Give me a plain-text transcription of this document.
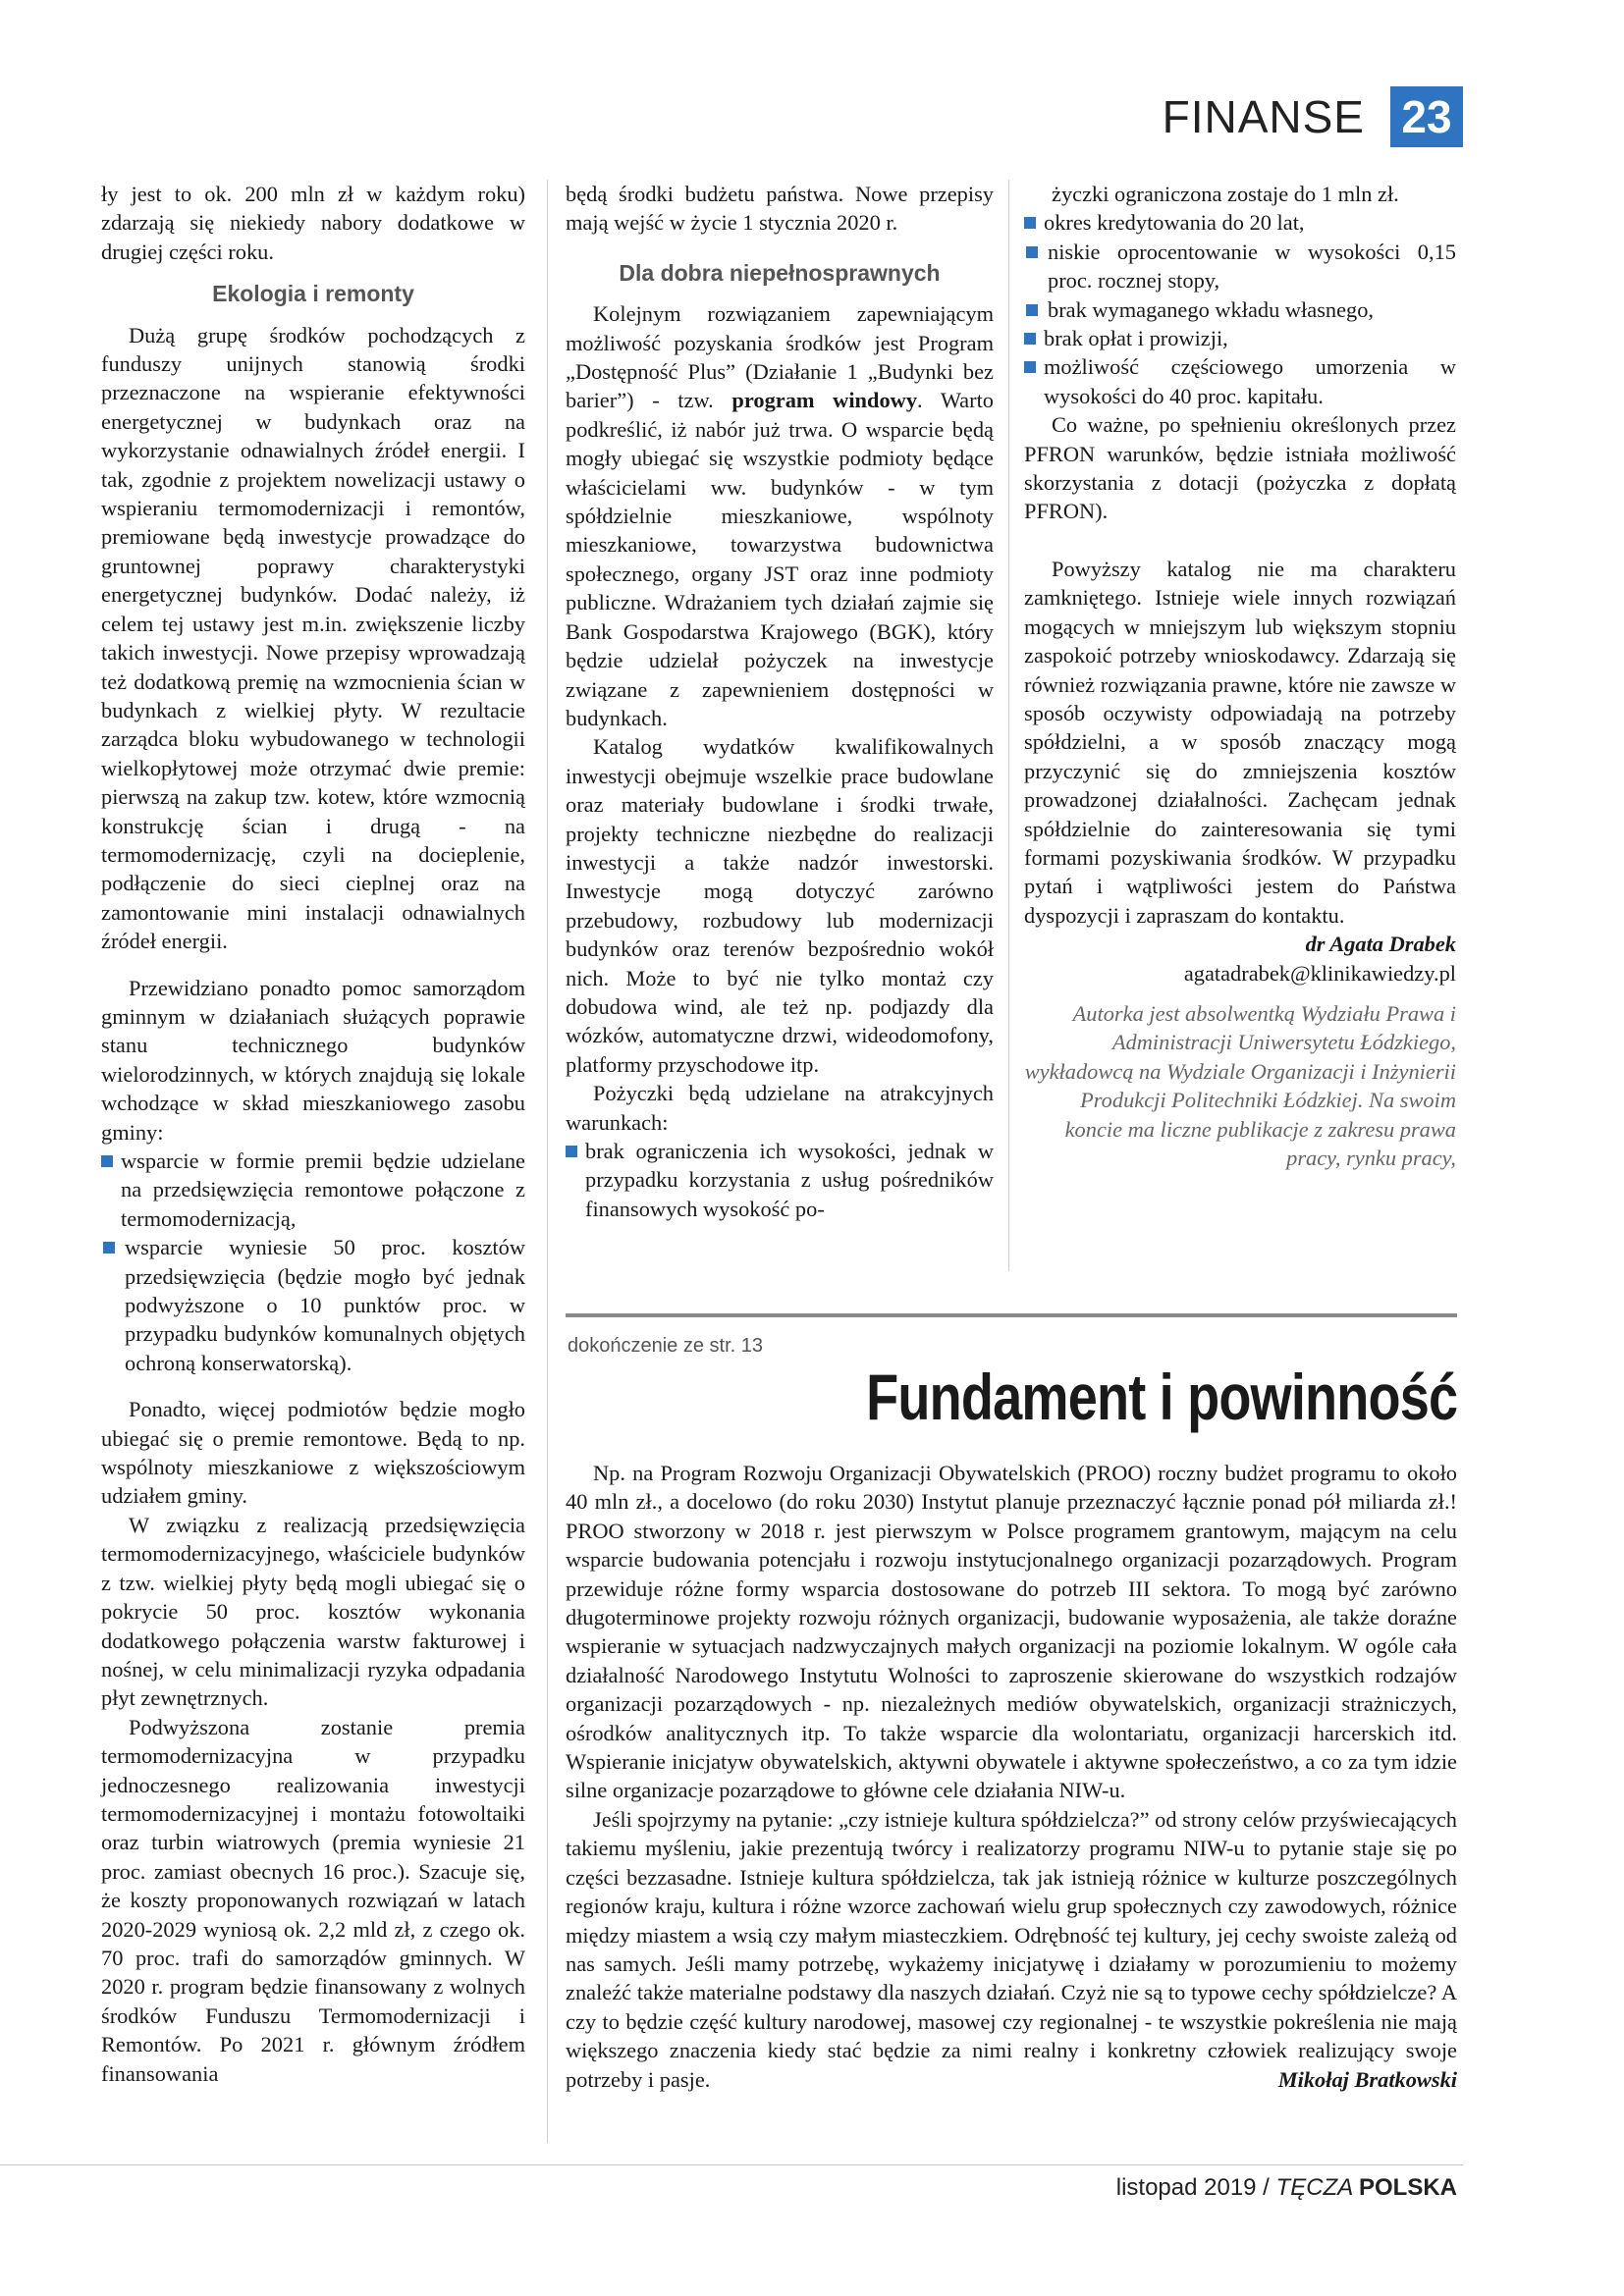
FINANSE 23

ły jest to ok. 200 mln zł w każdym roku) zdarzają się niekiedy nabory dodatkowe w drugiej części roku.

Ekologia i remonty

Dużą grupę środków pochodzących z funduszy unijnych stanowią środki przeznaczone na wspieranie efektywności energetycznej w budynkach oraz na wykorzystanie odnawialnych źródeł energii. I tak, zgodnie z projektem nowelizacji ustawy o wspieraniu termomodernizacji i remontów, premiowane będą inwestycje prowadzące do gruntownej poprawy charakterystyki energetycznej budynków. Dodać należy, iż celem tej ustawy jest m.in. zwiększenie liczby takich inwestycji. Nowe przepisy wprowadzają też dodatkową premię na wzmocnienia ścian w budynkach z wielkiej płyty. W rezultacie zarządca bloku wybudowanego w technologii wielkopłytowej może otrzymać dwie premie: pierwszą na zakup tzw. kotew, które wzmocnią konstrukcję ścian i drugą - na termomodernizację, czyli na docieplenie, podłączenie do sieci cieplnej oraz na zamontowanie mini instalacji odnawialnych źródeł energii.

Przewidziano ponadto pomoc samorządom gminnym w działaniach służących poprawie stanu technicznego budynków wielorodzinnych, w których znajdują się lokale wchodzące w skład mieszkaniowego zasobu gminy:

wsparcie w formie premii będzie udzielane na przedsięwzięcia remontowe połączone z termomodernizacją,

wsparcie wyniesie 50 proc. kosztów przedsięwzięcia (będzie mogło być jednak podwyższone o 10 punktów proc. w przypadku budynków komunalnych objętych ochroną konserwatorską).

Ponadto, więcej podmiotów będzie mogło ubiegać się o premie remontowe. Będą to np. wspólnoty mieszkaniowe z większościowym udziałem gminy.

W związku z realizacją przedsięwzięcia termomodernizacyjnego, właściciele budynków z tzw. wielkiej płyty będą mogli ubiegać się o pokrycie 50 proc. kosztów wykonania dodatkowego połączenia warstw fakturowej i nośnej, w celu minimalizacji ryzyka odpadania płyt zewnętrznych.

Podwyższona zostanie premia termomodernizacyjna w przypadku jednoczesnego realizowania inwestycji termomodernizacyjnej i montażu fotowoltaiki oraz turbin wiatrowych (premia wyniesie 21 proc. zamiast obecnych 16 proc.). Szacuje się, że koszty proponowanych rozwiązań w latach 2020-2029 wyniosą ok. 2,2 mld zł, z czego ok. 70 proc. trafi do samorządów gminnych. W 2020 r. program będzie finansowany z wolnych środków Funduszu Termomodernizacji i Remontów. Po 2021 r. głównym źródłem finansowania

będą środki budżetu państwa. Nowe przepisy mają wejść w życie 1 stycznia 2020 r.

Dla dobra niepełnosprawnych

Kolejnym rozwiązaniem zapewniającym możliwość pozyskania środków jest Program „Dostępność Plus” (Działanie 1 „Budynki bez barier”) - tzw. program windowy. Warto podkreślić, iż nabór już trwa. O wsparcie będą mogły ubiegać się wszystkie podmioty będące właścicielami ww. budynków - w tym spółdzielnie mieszkaniowe, wspólnoty mieszkaniowe, towarzystwa budownictwa społecznego, organy JST oraz inne podmioty publiczne. Wdrażaniem tych działań zajmie się Bank Gospodarstwa Krajowego (BGK), który będzie udzielał pożyczek na inwestycje związane z zapewnieniem dostępności w budynkach.

Katalog wydatków kwalifikowalnych inwestycji obejmuje wszelkie prace budowlane oraz materiały budowlane i środki trwałe, projekty techniczne niezbędne do realizacji inwestycji a także nadzór inwestorski. Inwestycje mogą dotyczyć zarówno przebudowy, rozbudowy lub modernizacji budynków oraz terenów bezpośrednio wokół nich. Może to być nie tylko montaż czy dobudowa wind, ale też np. podjazdy dla wózków, automatyczne drzwi, wideodomofony, platformy przyschodowe itp.

Pożyczki będą udzielane na atrakcyjnych warunkach:

brak ograniczenia ich wysokości, jednak w przypadku korzystania z usług pośredników finansowych wysokość po-

życzki ograniczona zostaje do 1 mln zł.

okres kredytowania do 20 lat,

niskie oprocentowanie w wysokości 0,15 proc. rocznej stopy,

brak wymaganego wkładu własnego,

brak opłat i prowizji,

możliwość częściowego umorzenia w wysokości do 40 proc. kapitału.

Co ważne, po spełnieniu określonych przez PFRON warunków, będzie istniała możliwość skorzystania z dotacji (pożyczka z dopłatą PFRON).

Powyższy katalog nie ma charakteru zamkniętego. Istnieje wiele innych rozwiązań mogących w mniejszym lub większym stopniu zaspokoić potrzeby wnioskodawcy. Zdarzają się również rozwiązania prawne, które nie zawsze w sposób oczywisty odpowiadają na potrzeby spółdzielni, a w sposób znaczący mogą przyczynić się do zmniejszenia kosztów prowadzonej działalności. Zachęcam jednak spółdzielnie do zainteresowania się tymi formami pozyskiwania środków. W przypadku pytań i wątpliwości jestem do Państwa dyspozycji i zapraszam do kontaktu.

dr Agata Drabek

agatadrabek@klinikawiedzy.pl

Autorka jest absolwentką Wydziału Prawa i Administracji Uniwersytetu Łódzkiego, wykładowcą na Wydziale Organizacji i Inżynierii Produkcji Politechniki Łódzkiej. Na swoim koncie ma liczne publikacje z zakresu prawa pracy, rynku pracy,

dokończenie ze str. 13
Fundament i powinność

Np. na Program Rozwoju Organizacji Obywatelskich (PROO) roczny budżet programu to około 40 mln zł., a docelowo (do roku 2030) Instytut planuje przeznaczyć łącznie ponad pół miliarda zł.! PROO stworzony w 2018 r. jest pierwszym w Polsce programem grantowym, mającym na celu wsparcie budowania potencjału i rozwoju instytucjonalnego organizacji pozarządowych. Program przewiduje różne formy wsparcia dostosowane do potrzeb III sektora. To mogą być zarówno długoterminowe projekty rozwoju różnych organizacji, budowanie wyposażenia, ale także doraźne wspieranie w sytuacjach nadzwyczajnych małych organizacji na poziomie lokalnym. W ogóle cała działalność Narodowego Instytutu Wolności to zaproszenie skierowane do wszystkich rodzajów organizacji pozarządowych - np. niezależnych mediów obywatelskich, organizacji strażniczych, ośrodków analitycznych itp. To także wsparcie dla wolontariatu, organizacji harcerskich itd. Wspieranie inicjatyw obywatelskich, aktywni obywatele i aktywne społeczeństwo, a co za tym idzie silne organizacje pozarządowe to główne cele działania NIW-u.

Jeśli spojrzymy na pytanie: „czy istnieje kultura spółdzielcza?” od strony celów przyświecających takiemu myśleniu, jakie prezentują twórcy i realizatorzy programu NIW-u to pytanie staje się po części bezzasadne. Istnieje kultura spółdzielcza, tak jak istnieją różnice w kulturze poszczególnych regionów kraju, kultura i różne wzorce zachowań wielu grup społecznych czy zawodowych, różnice między miastem a wsią czy małym miasteczkiem. Odrębność tej kultury, jej cechy swoiste zależą od nas samych. Jeśli mamy potrzebę, wykażemy inicjatywę i działamy w porozumieniu to możemy znaleźć także materialne podstawy dla naszych działań. Czyż nie są to typowe cechy spółdzielcze? A czy to będzie część kultury narodowej, masowej czy regionalnej - te wszystkie pokreślenia nie mają większego znaczenia kiedy stać będzie za nimi realny i konkretny człowiek realizujący swoje potrzeby i pasje.	Mikołaj Bratkowski

listopad 2019 / TĘCZA POLSKA
